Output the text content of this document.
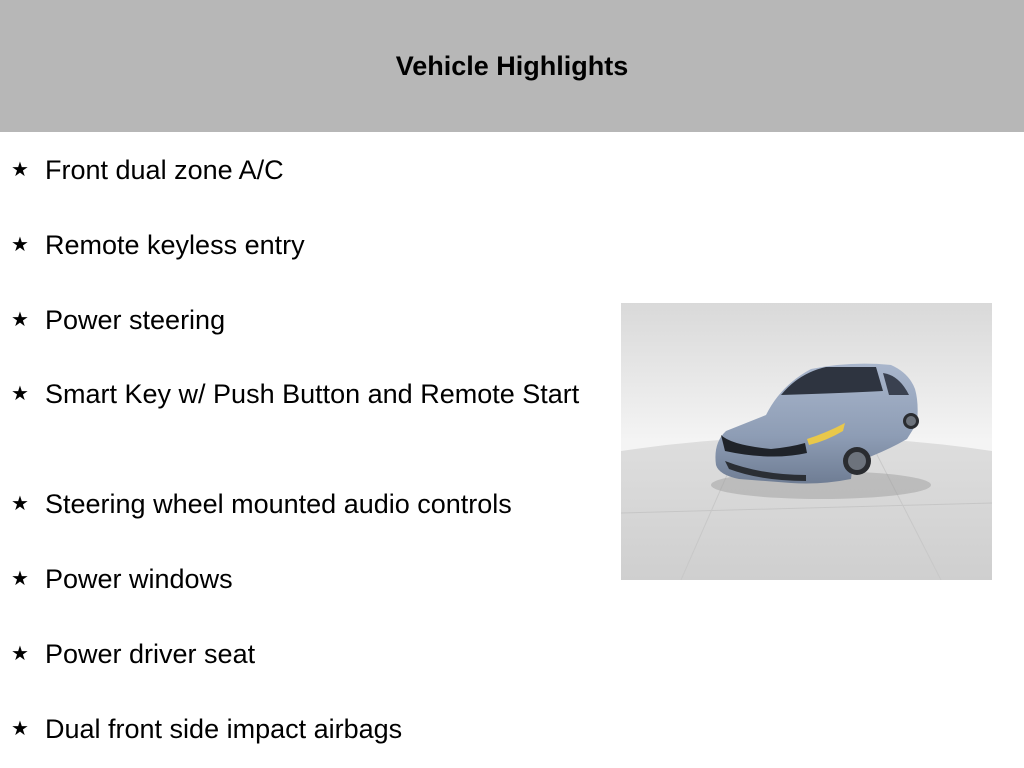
Vehicle Highlights
★ Front dual zone A/C
★ Remote keyless entry
★ Power steering
★ Smart Key w/ Push Button and Remote Start
★ Steering wheel mounted audio controls
★ Power windows
★ Power driver seat
★ Dual front side impact airbags
